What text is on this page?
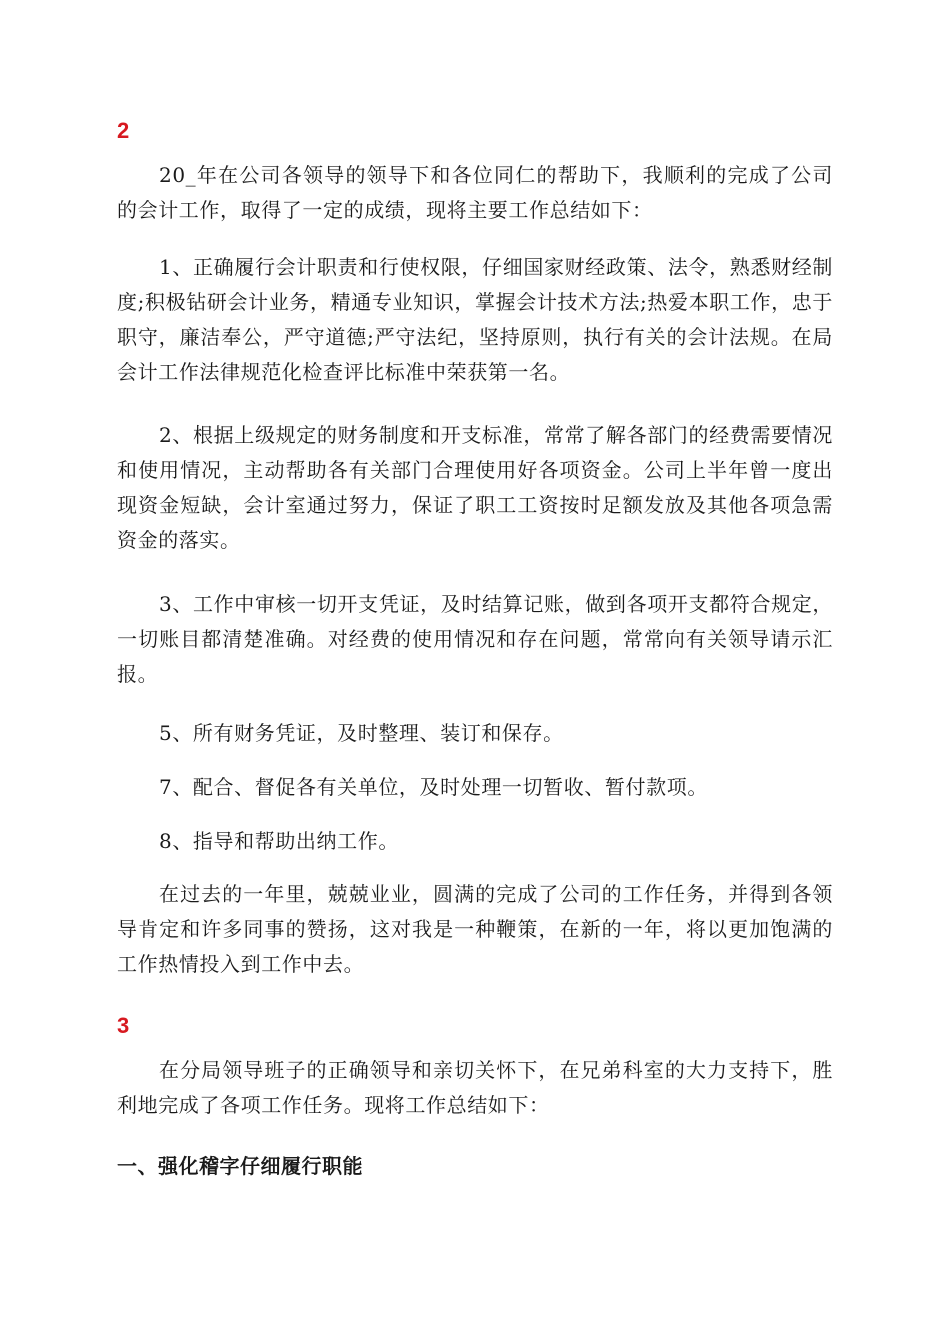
2

20_年在公司各领导的领导下和各位同仁的帮助下，我顺利的完成了公司的会计工作，取得了一定的成绩，现将主要工作总结如下：

1、正确履行会计职责和行使权限，仔细国家财经政策、法令，熟悉财经制度;积极钻研会计业务，精通专业知识，掌握会计技术方法;热爱本职工作，忠于职守，廉洁奉公，严守道德;严守法纪，坚持原则，执行有关的会计法规。在局会计工作法律规范化检查评比标准中荣获第一名。

2、根据上级规定的财务制度和开支标准，常常了解各部门的经费需要情况和使用情况，主动帮助各有关部门合理使用好各项资金。公司上半年曾一度出现资金短缺，会计室通过努力，保证了职工工资按时足额发放及其他各项急需资金的落实。

3、工作中审核一切开支凭证，及时结算记账，做到各项开支都符合规定，一切账目都清楚准确。对经费的使用情况和存在问题，常常向有关领导请示汇报。

5、所有财务凭证，及时整理、装订和保存。

7、配合、督促各有关单位，及时处理一切暂收、暂付款项。

8、指导和帮助出纳工作。

在过去的一年里，兢兢业业，圆满的完成了公司的工作任务，并得到各领导肯定和许多同事的赞扬，这对我是一种鞭策，在新的一年，将以更加饱满的工作热情投入到工作中去。

3

在分局领导班子的正确领导和亲切关怀下，在兄弟科室的大力支持下，胜利地完成了各项工作任务。现将工作总结如下：

一、强化稽字仔细履行职能
